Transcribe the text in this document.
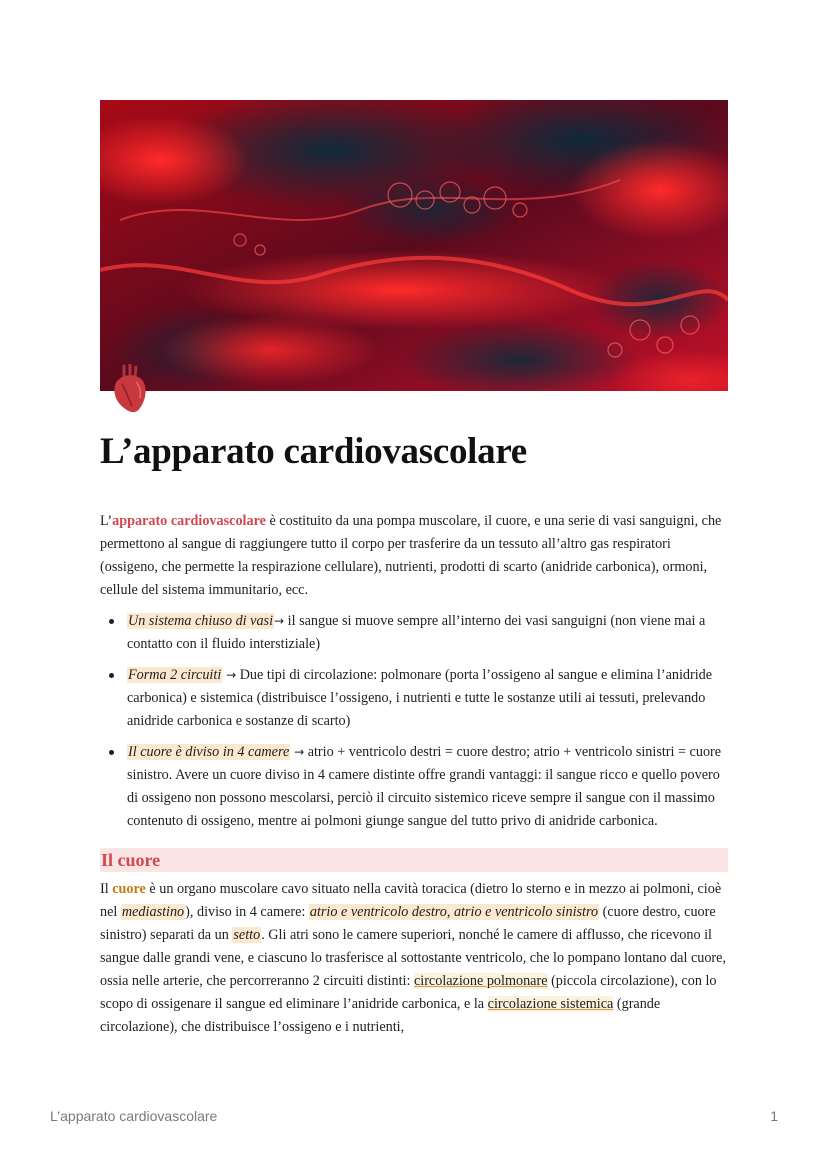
L’apparato cardiovascolare

L’apparato cardiovascolare è costituito da una pompa muscolare, il cuore, e una serie di vasi sanguigni, che permettono al sangue di raggiungere tutto il corpo per trasferire da un tessuto all’altro gas respiratori (ossigeno, che permette la respirazione cellulare), nutrienti, prodotti di scarto (anidride carbonica), ormoni, cellule del sistema immunitario, ecc.

Un sistema chiuso di vasi→ il sangue si muove sempre all’interno dei vasi sanguigni (non viene mai a contatto con il fluido interstiziale)
Forma 2 circuiti → Due tipi di circolazione: polmonare (porta l’ossigeno al sangue e elimina l’anidride carbonica) e sistemica (distribuisce l’ossigeno, i nutrienti e tutte le sostanze utili ai tessuti, prelevando anidride carbonica e sostanze di scarto)
Il cuore è diviso in 4 camere → atrio + ventricolo destri = cuore destro; atrio + ventricolo sinistri = cuore sinistro. Avere un cuore diviso in 4 camere distinte offre grandi vantaggi: il sangue ricco e quello povero di ossigeno non possono mescolarsi, perciò il circuito sistemico riceve sempre il sangue con il massimo contenuto di ossigeno, mentre ai polmoni giunge sangue del tutto privo di anidride carbonica.
Il cuore

Il cuore è un organo muscolare cavo situato nella cavità toracica (dietro lo sterno e in mezzo ai polmoni, cioè nel mediastino), diviso in 4 camere: atrio e ventricolo destro, atrio e ventricolo sinistro (cuore destro, cuore sinistro) separati da un setto. Gli atri sono le camere superiori, nonché le camere di afflusso, che ricevono il sangue dalle grandi vene, e ciascuno lo trasferisce al sottostante ventricolo, che lo pompano lontano dal cuore, ossia nelle arterie, che percorreranno 2 circuiti distinti: circolazione polmonare (piccola circolazione), con lo scopo di ossigenare il sangue ed eliminare l’anidride carbonica, e la circolazione sistemica (grande circolazione), che distribuisce l’ossigeno e i nutrienti,

L’apparato cardiovascolare	1
